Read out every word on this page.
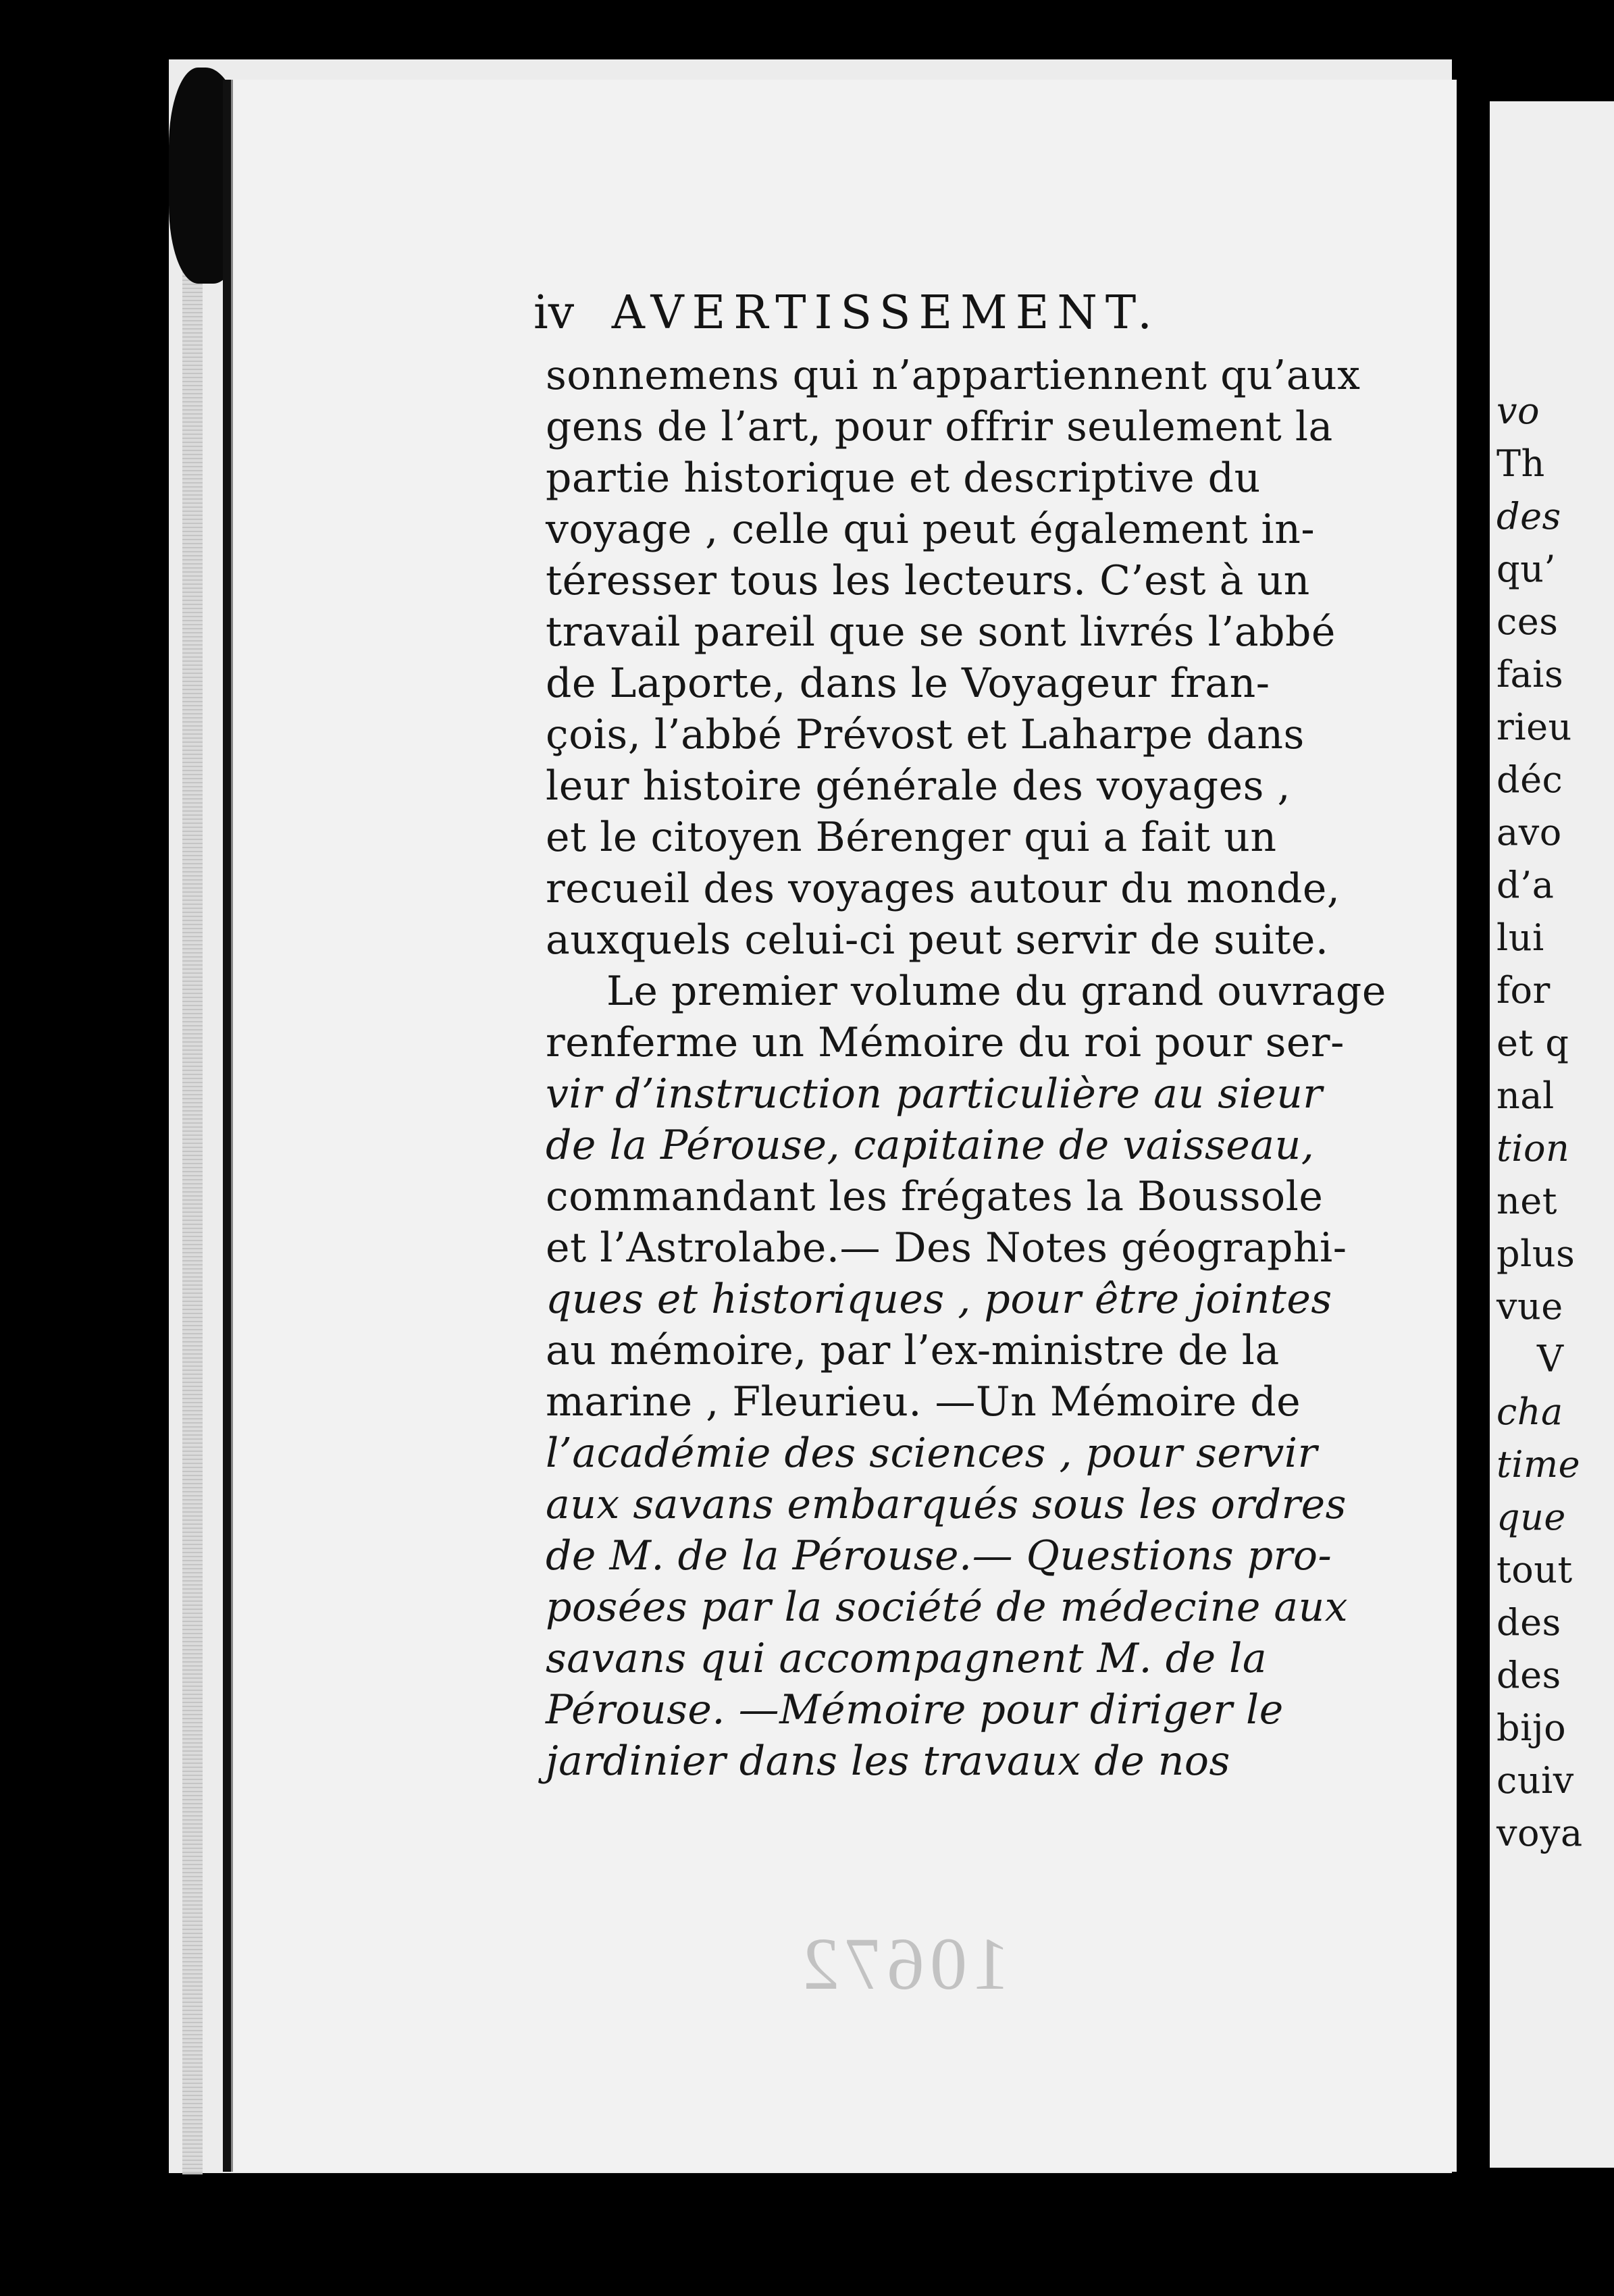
iv AVERTISSEMENT.
sonnemens qui n’appartiennent qu’aux
gens de l’art, pour offrir seulement la
partie historique et descriptive du
voyage , celle qui peut également in-
téresser tous les lecteurs. C’est à un
travail pareil que se sont livrés l’abbé
de Laporte, dans le Voyageur fran-
çois, l’abbé Prévost et Laharpe dans
leur histoire générale des voyages ,
et le citoyen Bérenger qui a fait un
recueil des voyages autour du monde,
auxquels celui-ci peut servir de suite.
Le premier volume du grand ouvrage
renferme un Mémoire du roi pour ser-
vir d’instruction particulière au sieur
de la Pérouse, capitaine de vaisseau,
commandant les frégates la Boussole
et l’Astrolabe.— Des Notes géographi-
ques et historiques , pour être jointes
au mémoire, par l’ex-ministre de la
marine , Fleurieu. —Un Mémoire de
l’académie des sciences , pour servir
aux savans embarqués sous les ordres
de M. de la Pérouse.— Questions pro-
posées par la société de médecine aux
savans qui accompagnent M. de la
Pérouse. —Mémoire pour diriger le
jardinier dans les travaux de nos
10672
vo
Th
des
qu’
ces
fais
rieu
déc
avo
d’a
lui
for
et q
nal
tion
net
plus
vue
V
cha
time
que
tout
des
des
bijo
cuiv
voya
